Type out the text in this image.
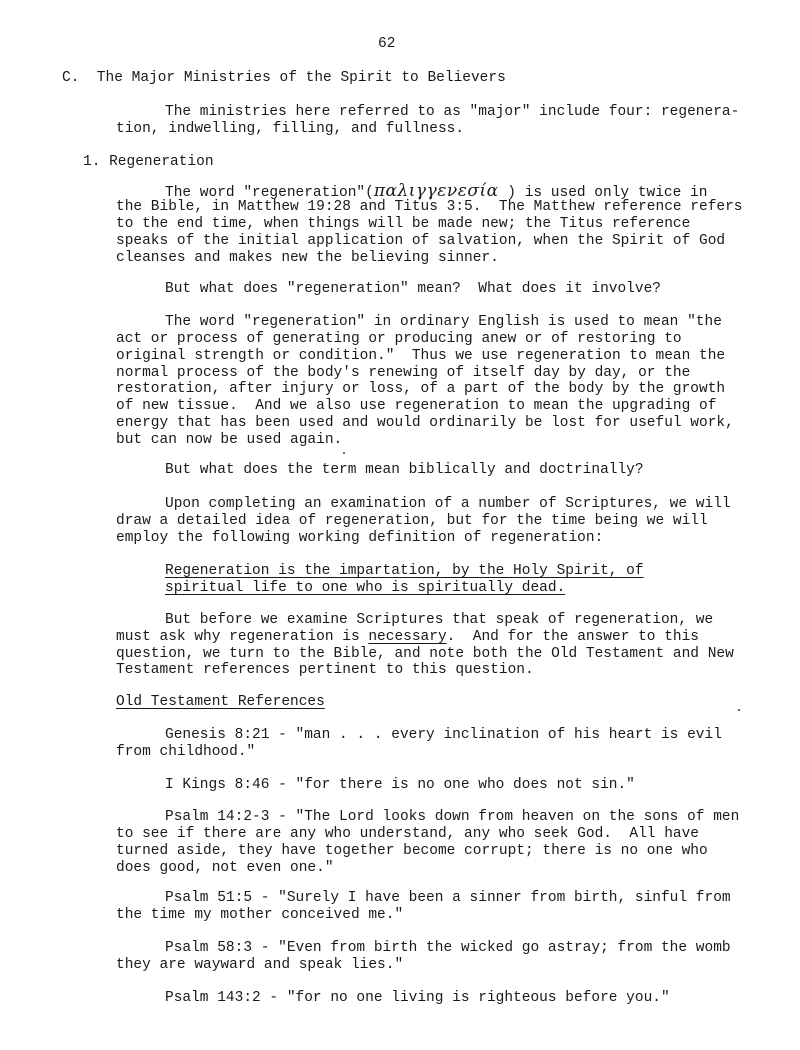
62
C.  The Major Ministries of the Spirit to Believers
The ministries here referred to as "major" include four: regenera-
tion, indwelling, filling, and fullness.
1. Regeneration
The word "regeneration"(παλιγγενεσία ) is used only twice in
the Bible, in Matthew 19:28 and Titus 3:5.  The Matthew reference refers
to the end time, when things will be made new; the Titus reference
speaks of the initial application of salvation, when the Spirit of God
cleanses and makes new the believing sinner.
But what does "regeneration" mean?  What does it involve?
The word "regeneration" in ordinary English is used to mean "the
act or process of generating or producing anew or of restoring to
original strength or condition."  Thus we use regeneration to mean the
normal process of the body's renewing of itself day by day, or the
restoration, after injury or loss, of a part of the body by the growth
of new tissue.  And we also use regeneration to mean the upgrading of
energy that has been used and would ordinarily be lost for useful work,
but can now be used again.
But what does the term mean biblically and doctrinally?
Upon completing an examination of a number of Scriptures, we will
draw a detailed idea of regeneration, but for the time being we will
employ the following working definition of regeneration:
Regeneration is the impartation, by the Holy Spirit, of
spiritual life to one who is spiritually dead.
But before we examine Scriptures that speak of regeneration, we
must ask why regeneration is necessary.  And for the answer to this
question, we turn to the Bible, and note both the Old Testament and New
Testament references pertinent to this question.
Old Testament References
Genesis 8:21 - "man . . . every inclination of his heart is evil
from childhood."
I Kings 8:46 - "for there is no one who does not sin."
Psalm 14:2-3 - "The Lord looks down from heaven on the sons of men
to see if there are any who understand, any who seek God.  All have
turned aside, they have together become corrupt; there is no one who
does good, not even one."
Psalm 51:5 - "Surely I have been a sinner from birth, sinful from
the time my mother conceived me."
Psalm 58:3 - "Even from birth the wicked go astray; from the womb
they are wayward and speak lies."
Psalm 143:2 - "for no one living is righteous before you."
